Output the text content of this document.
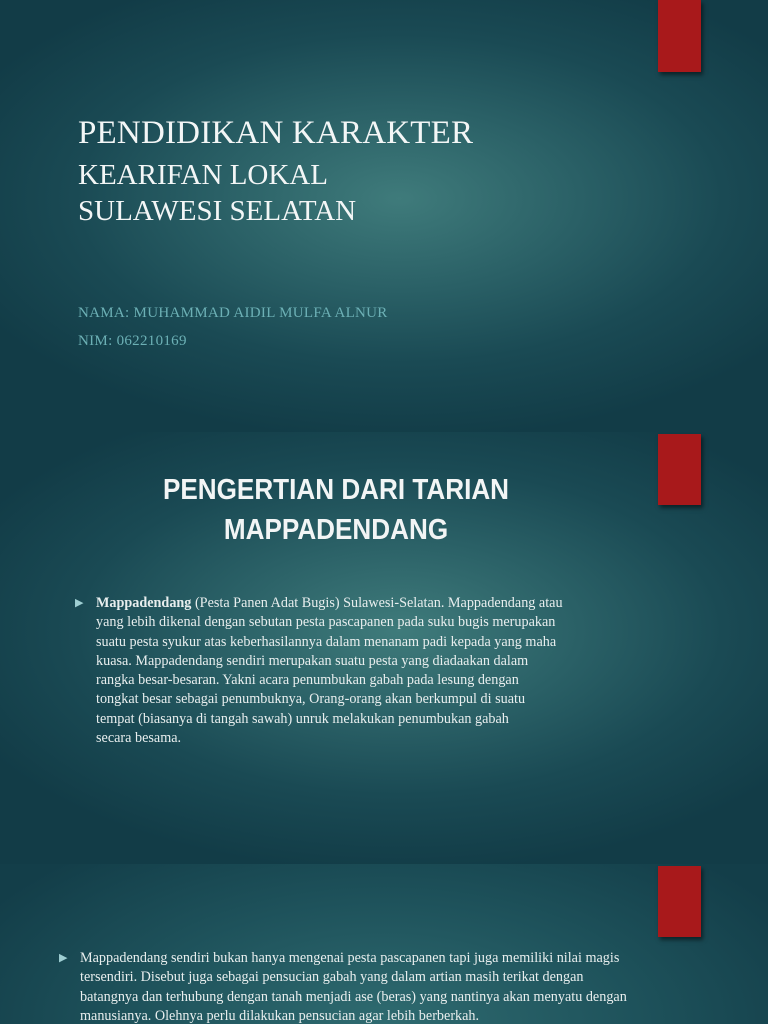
PENDIDIKAN KARAKTER
KEARIFAN LOKAL
SULAWESI SELATAN

NAMA: MUHAMMAD AIDIL MULFA ALNUR

NIM: 062210169

PENGERTIAN DARI TARIAN
MAPPADENDANG
▶ Mappadendang (Pesta Panen Adat Bugis) Sulawesi-Selatan. Mappadendang atau
yang lebih dikenal dengan sebutan pesta pascapanen pada suku bugis merupakan
suatu pesta syukur atas keberhasilannya dalam menanam padi kepada yang maha
kuasa. Mappadendang sendiri merupakan suatu pesta yang diadaakan dalam
rangka besar-besaran. Yakni acara penumbukan gabah pada lesung dengan
tongkat besar sebagai penumbuknya, Orang-orang akan berkumpul di suatu
tempat (biasanya di tangah sawah) unruk melakukan penumbukan gabah
secara besama.

▶ Mappadendang sendiri bukan hanya mengenai pesta pascapanen tapi juga memiliki nilai magis
tersendiri. Disebut juga sebagai pensucian gabah yang dalam artian masih terikat dengan
batangnya dan terhubung dengan tanah menjadi ase (beras) yang nantinya akan menyatu dengan
manusianya. Olehnya perlu dilakukan pensucian agar lebih berberkah.
